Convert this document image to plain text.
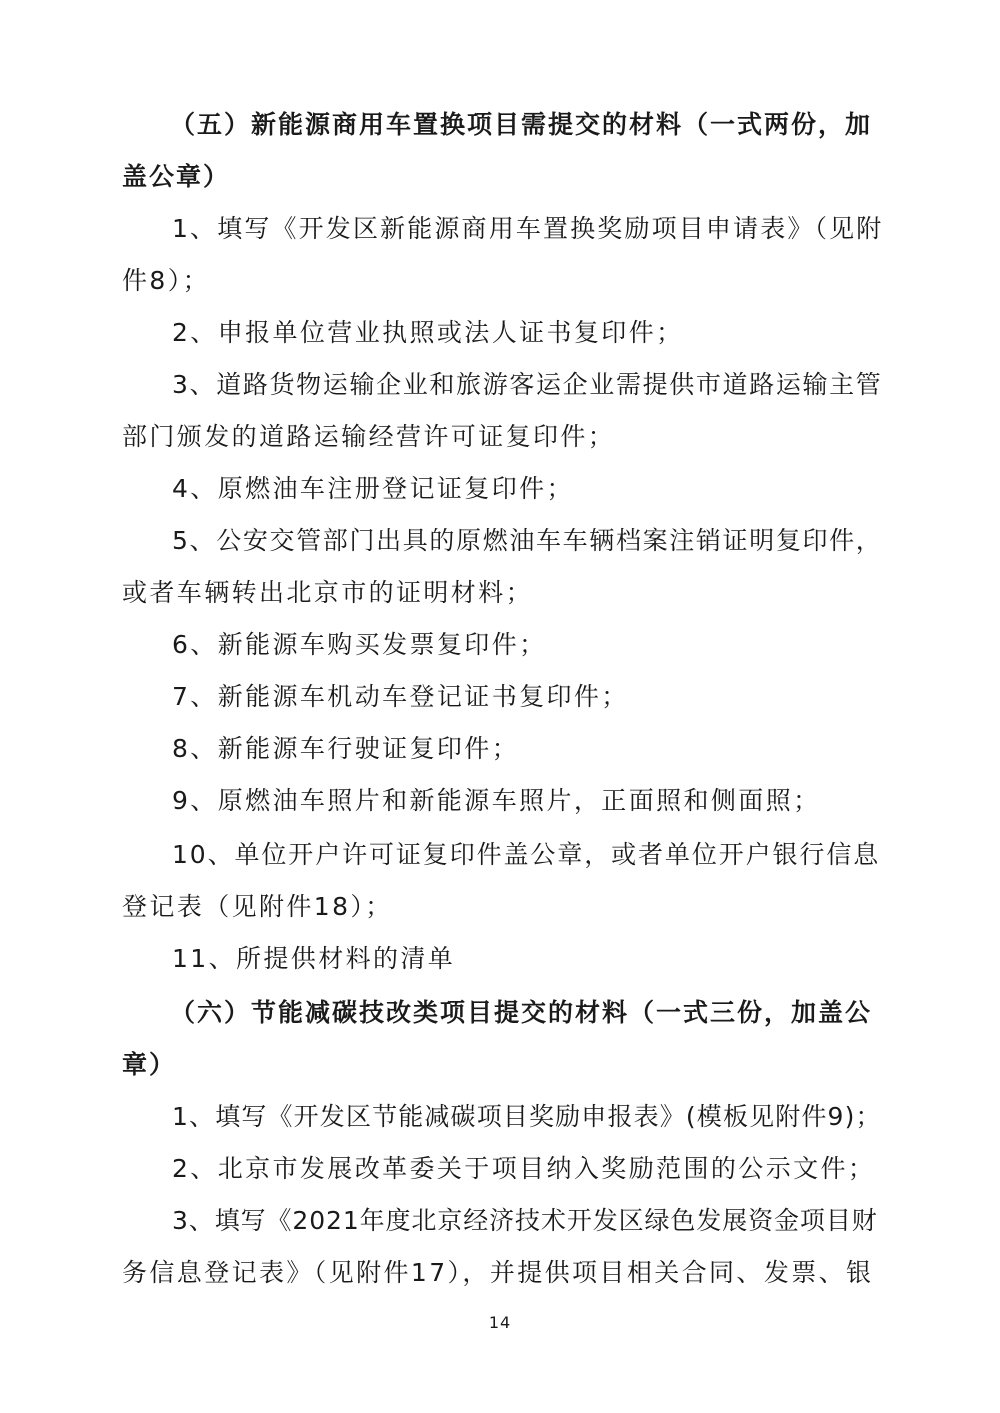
（五）新能源商用车置换项目需提交的材料（一式两份，加
盖公章）
1、填写《开发区新能源商用车置换奖励项目申请表》（见附
件8）；
2、申报单位营业执照或法人证书复印件；
3、道路货物运输企业和旅游客运企业需提供市道路运输主管
部门颁发的道路运输经营许可证复印件；
4、原燃油车注册登记证复印件；
5、公安交管部门出具的原燃油车车辆档案注销证明复印件，
或者车辆转出北京市的证明材料；
6、新能源车购买发票复印件；
7、新能源车机动车登记证书复印件；
8、新能源车行驶证复印件；
9、原燃油车照片和新能源车照片，正面照和侧面照；
10、单位开户许可证复印件盖公章，或者单位开户银行信息
登记表（见附件18）；
11、所提供材料的清单
（六）节能减碳技改类项目提交的材料（一式三份，加盖公
章）
1、填写《开发区节能减碳项目奖励申报表》(模板见附件9)；
2、北京市发展改革委关于项目纳入奖励范围的公示文件；
3、填写《2021年度北京经济技术开发区绿色发展资金项目财
务信息登记表》（见附件17），并提供项目相关合同、发票、银
14
